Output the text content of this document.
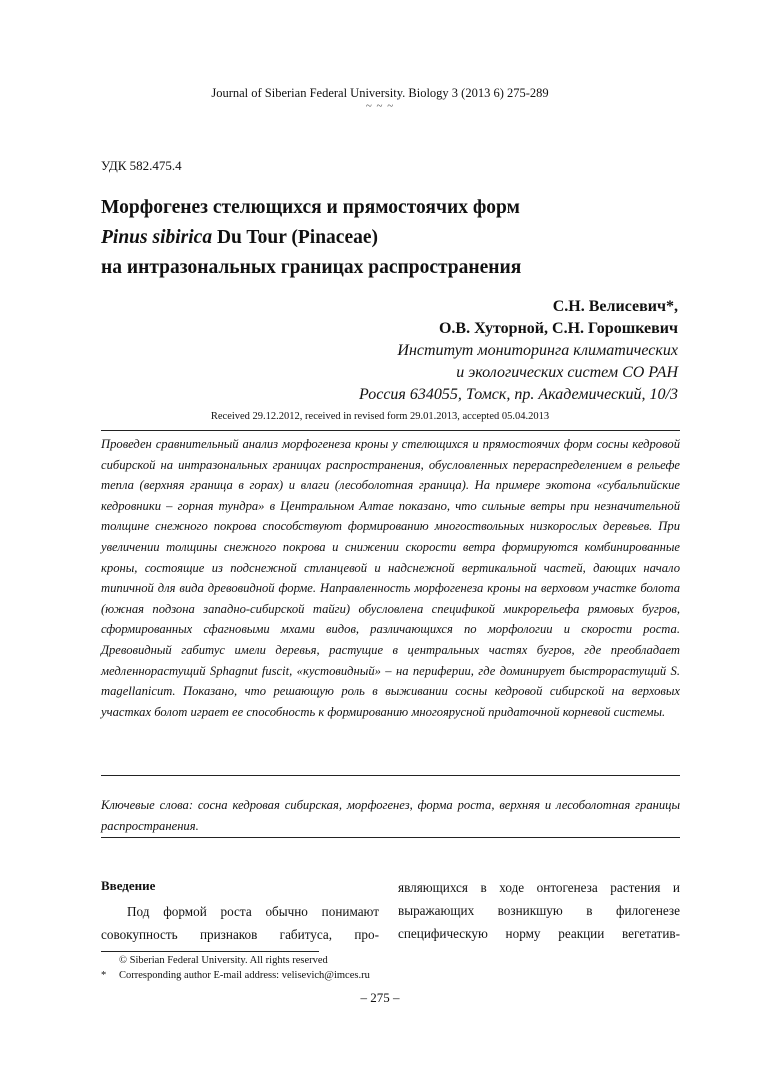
Journal of Siberian Federal University. Biology 3 (2013 6) 275-289
~ ~ ~
УДК 582.475.4
Морфогенез стелющихся и прямостоячих форм
Pinus sibirica Du Tour (Pinaceae)
на интразональных границах распространения
С.Н. Велисевич*,
О.В. Хуторной, С.Н. Горошкевич
Институт мониторинга климатических
и экологических систем СО РАН
Россия 634055, Томск, пр. Академический, 10/3
Received 29.12.2012, received in revised form 29.01.2013, accepted 05.04.2013
Проведен сравнительный анализ морфогенеза кроны у стелющихся и прямостоячих форм сосны кедровой сибирской на интразональных границах распространения, обусловленных перераспределением в рельефе тепла (верхняя граница в горах) и влаги (лесоболотная граница). На примере экотона «субальпийские кедровники – горная тундра» в Центральном Алтае показано, что сильные ветры при незначительной толщине снежного покрова способствуют формированию многоствольных низкорослых деревьев. При увеличении толщины снежного покрова и снижении скорости ветра формируются комбинированные кроны, состоящие из подснежной стланцевой и надснежной вертикальной частей, дающих начало типичной для вида древовидной форме. Направленность морфогенеза кроны на верховом участке болота (южная подзона западно-сибирской тайги) обусловлена спецификой микрорельефа рямовых бугров, сформированных сфагновыми мхами видов, различающихся по морфологии и скорости роста. Древовидный габитус имели деревья, растущие в центральных частях бугров, где преобладает медленнорастущий Sphagnut fuscit, «кустовидный» – на периферии, где доминирует быстрорастущий S. magellanicum. Показано, что решающую роль в выживании сосны кедровой сибирской на верховых участках болот играет ее способность к формированию многоярусной придаточной корневой системы.
Ключевые слова: сосна кедровая сибирская, морфогенез, форма роста, верхняя и лесоболотная границы распространения.
Введение

Под формой роста обычно понимают совокупность признаков габитуса, про-

являющихся в ходе онтогенеза растения и выражающих возникшую в филогенезе специфическую норму реакции вегетатив-

© Siberian Federal University. All rights reserved
* Corresponding author E-mail address: velisevich@imces.ru
– 275 –
